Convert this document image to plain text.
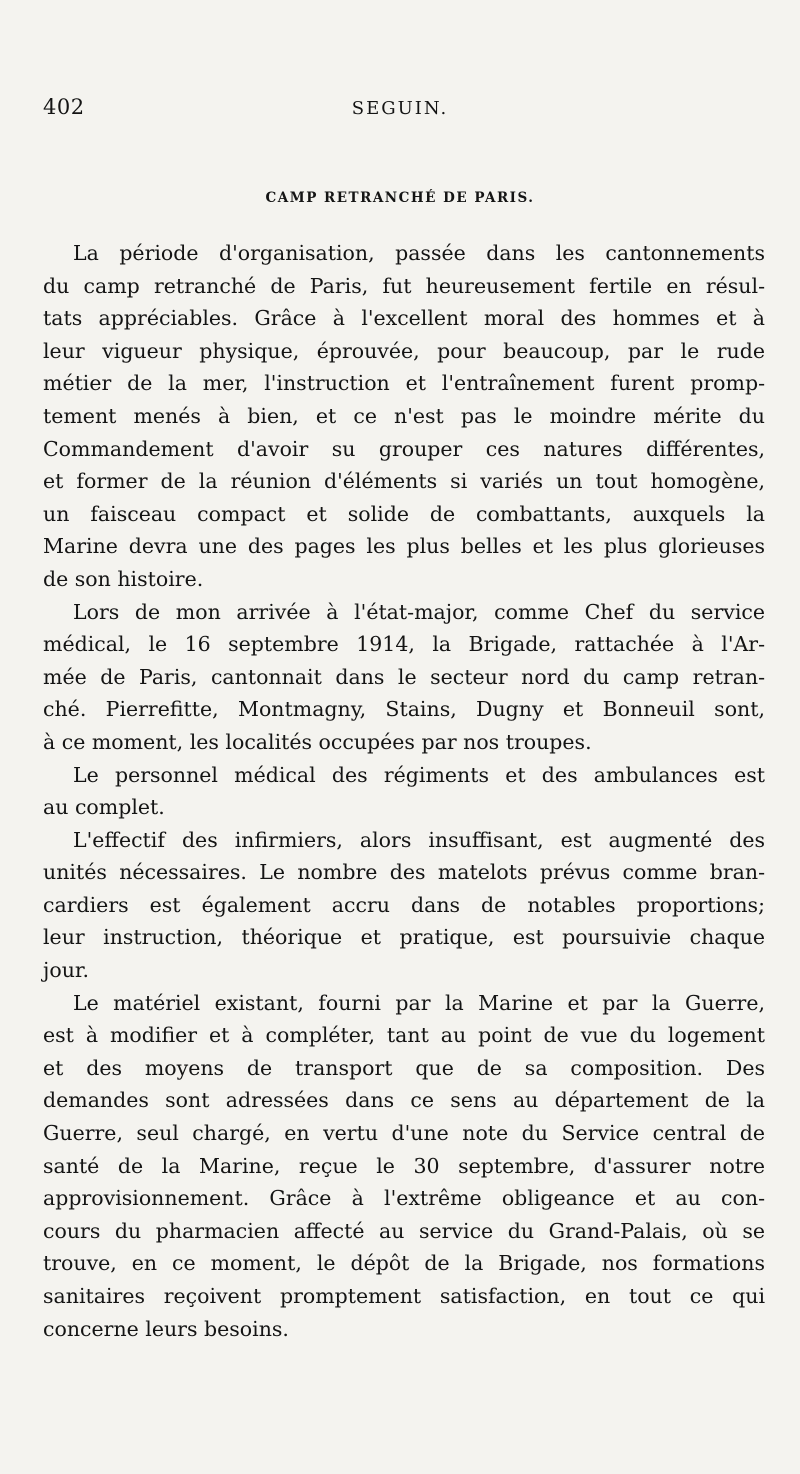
402	SEGUIN.
CAMP RETRANCHÉ DE PARIS.
La période d'organisation, passée dans les cantonnements
du camp retranché de Paris, fut heureusement fertile en résul-
tats appréciables. Grâce à l'excellent moral des hommes et à
leur vigueur physique, éprouvée, pour beaucoup, par le rude
métier de la mer, l'instruction et l'entraînement furent promp-
tement menés à bien, et ce n'est pas le moindre mérite du
Commandement d'avoir su grouper ces natures différentes,
et former de la réunion d'éléments si variés un tout homogène,
un faisceau compact et solide de combattants, auxquels la
Marine devra une des pages les plus belles et les plus glorieuses
de son histoire.
Lors de mon arrivée à l'état-major, comme Chef du service
médical, le 16 septembre 1914, la Brigade, rattachée à l'Ar-
mée de Paris, cantonnait dans le secteur nord du camp retran-
ché. Pierrefitte, Montmagny, Stains, Dugny et Bonneuil sont,
à ce moment, les localités occupées par nos troupes.
Le personnel médical des régiments et des ambulances est
au complet.
L'effectif des infirmiers, alors insuffisant, est augmenté des
unités nécessaires. Le nombre des matelots prévus comme bran-
cardiers est également accru dans de notables proportions;
leur instruction, théorique et pratique, est poursuivie chaque
jour.
Le matériel existant, fourni par la Marine et par la Guerre,
est à modifier et à compléter, tant au point de vue du logement
et des moyens de transport que de sa composition. Des
demandes sont adressées dans ce sens au département de la
Guerre, seul chargé, en vertu d'une note du Service central de
santé de la Marine, reçue le 30 septembre, d'assurer notre
approvisionnement. Grâce à l'extrême obligeance et au con-
cours du pharmacien affecté au service du Grand-Palais, où se
trouve, en ce moment, le dépôt de la Brigade, nos formations
sanitaires reçoivent promptement satisfaction, en tout ce qui
concerne leurs besoins.
